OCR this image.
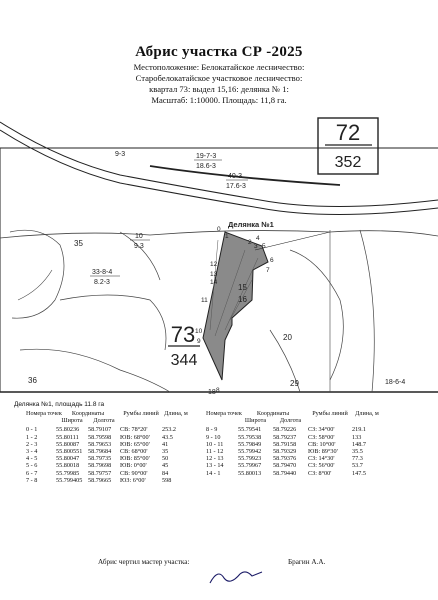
Абрис участка СР -2025
Местоположение: Белокатайское лесничество:
Старобелокатайское участковое лесничество:
квартал 73: выдел 15,16: делянка № 1:
Масштаб: 1:10000. Площадь: 11,8 га.
72
352
73
344
Делянка №1
10
9.3
35
33-8-4
8.2-3
19-7-3
18.6-3
40-3
17.6-3
9-3
15
16
20
18
36	29	18-6-4
0
1
2
3
4
5
6
7
8
9
10
11
12
13
14
Делянка №1, площадь 11.8 га
Номера точек	Координаты	Румбы линий Длина, м
Широта	Долгота
0 - 1	55.80236	58.79107	СВ: 78°20'	253.2
1 - 2	55.80111	58.79598	ЮВ: 68°00'	43.5
2 - 3	55.80087	58.79653	ЮВ: 65°00'	41
3 - 4	55.800551 58.79684	СВ: 68°00'	35
4 - 5	55.80047	58.79735	ЮВ: 85°00'	50
5 - 6	55.80018	58.79698	ЮВ: 0°00'	45
6 - 7	55.79985	58.79757	СВ: 90°00'	84
7 - 8	55.799405 58.79665	ЮЗ: 6°00'	598
Номера точек	Координаты	Румбы линий	Длина, м
Широта	Долгота
8 - 9	55.79541	58.79226	СЗ: 34°00'	219.1
9 - 10	55.79538	58.79237	СЗ: 58°00'	133
10 - 11	55.79849	58.79158	СВ: 10°00'	148.7
11 - 12	55.79942	58.79329	ЮВ: 89°30'	35.5
12 - 13	55.79923	58.79376	СЗ: 14°30'	77.3
13 - 14	55.79967	58.79470	СЗ: 56°00'	53.7
14 - 1	55.80013	58.79440	СЗ: 8°00'	147.5
Абрис чертил мастер участка:	Брагин А.А.
